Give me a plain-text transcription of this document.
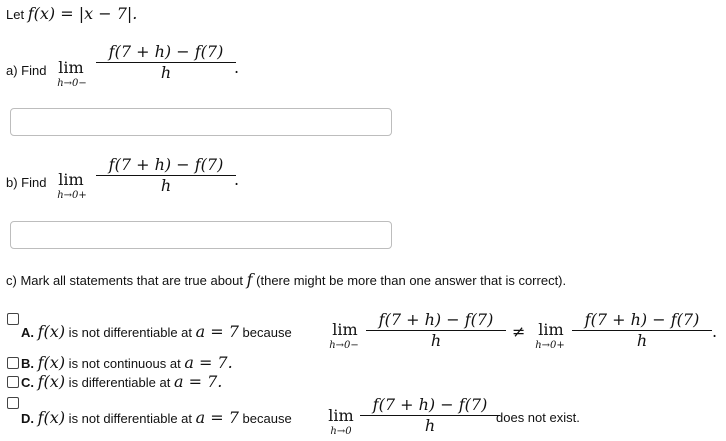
Let f(x) = |x − 7|.
a) Find lim
h→0−
f(7 + h) − f(7)
h	.
b) Find lim
h→0+
f(7 + h) − f(7)
h	.
c) Mark all statements that are true about f (there might be more than one answer that is correct).
A. f(x) is not differentiable at a = 7 because	lim
h→0−
f(7 + h) − f(7)
h	≠ lim
h→0+
f(7 + h) − f(7)
h	.
B. f(x) is not continuous at a = 7.
C. f(x) is differentiable at a = 7.
D. f(x) is not differentiable at a = 7 because lim
h→0
f(7 + h) − f(7)
h	does not exist.
